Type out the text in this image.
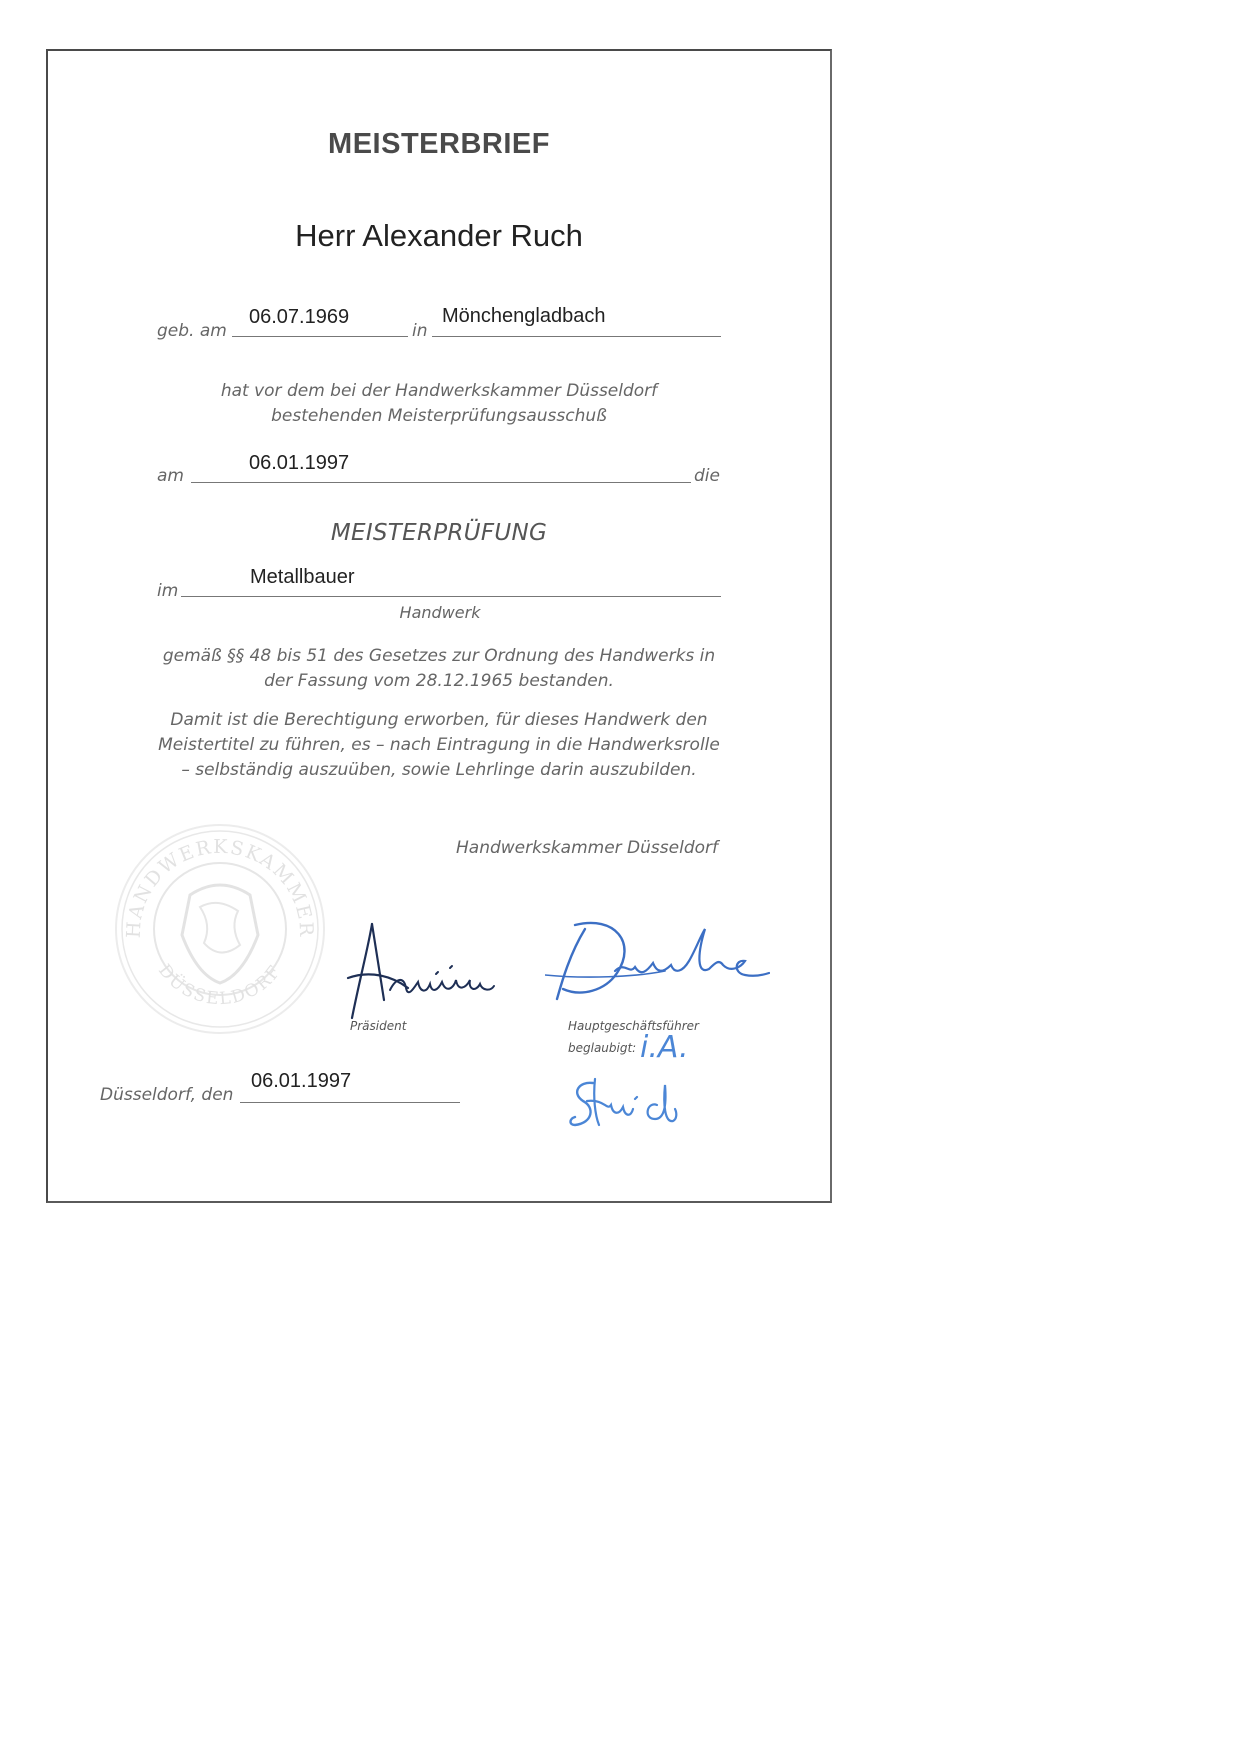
MEISTERBRIEF
Herr Alexander Ruch
geb. am
06.07.1969
in
Mönchengladbach
hat vor dem bei der Handwerkskammer Düsseldorf
bestehenden Meisterprüfungsausschuß
am
06.01.1997
die
MEISTERPRÜFUNG
im
Metallbauer
Handwerk
gemäß §§ 48 bis 51 des Gesetzes zur Ordnung des Handwerks in
der Fassung vom 28.12.1965 bestanden.
Damit ist die Berechtigung erworben, für dieses Handwerk den
Meistertitel zu führen, es – nach Eintragung in die Handwerksrolle
– selbständig auszuüben, sowie Lehrlinge darin auszubilden.
Handwerkskammer Düsseldorf
HANDWERKSKAMMER
DÜSSELDORF
Präsident	Hauptgeschäftsführer
beglaubigt: i.A.
Düsseldorf, den
06.01.1997
